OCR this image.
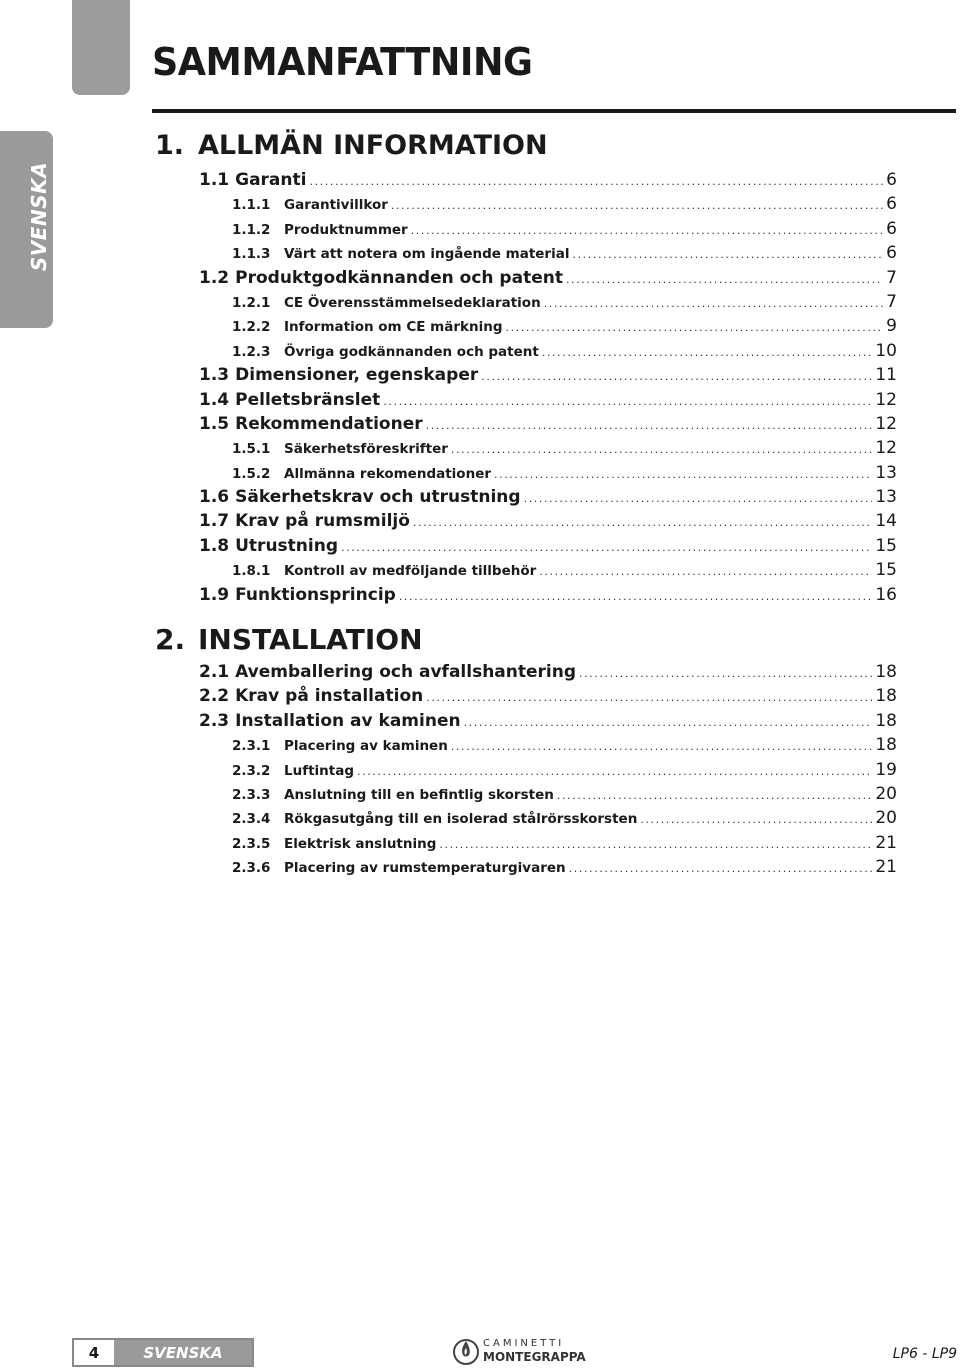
SAMMANFATTNING
SVENSKA
1. ALLMÄN INFORMATION
1.1 Garanti .....	6
1.1.1	Garantivillkor .....	6
1.1.2	Produktnummer .....	6
1.1.3	Värt att notera om ingående material .....	6
1.2 Produktgodkännanden och patent .....	7
1.2.1	CE Överensstämmelsedeklaration .....	7
1.2.2	Information om CE märkning .....	9
1.2.3	Övriga godkännanden och patent .....	10
1.3 Dimensioner, egenskaper .....	11
1.4 Pelletsbränslet .....	12
1.5 Rekommendationer .....	12
1.5.1	Säkerhetsföreskrifter .....	12
1.5.2	Allmänna rekomendationer .....	13
1.6 Säkerhetskrav och utrustning .....	13
1.7 Krav på rumsmiljö .....	14
1.8 Utrustning .....	15
1.8.1	Kontroll av medföljande tillbehör .....	15
1.9 Funktionsprincip .....	16
2. INSTALLATION
2.1 Avemballering och avfallshantering .....	18
2.2 Krav på installation .....	18
2.3 Installation av kaminen .....	18
2.3.1	Placering av kaminen .....	18
2.3.2	Luftintag .....	19
2.3.3	Anslutning till en befintlig skorsten .....	20
2.3.4	Rökgasutgång till en isolerad stålrörsskorsten .....	20
2.3.5	Elektrisk anslutning .....	21
2.3.6	Placering av rumstemperaturgivaren .....	21
4	SVENSKA	CAMINETTI
MONTEGRAPPA	LP6 - LP9
